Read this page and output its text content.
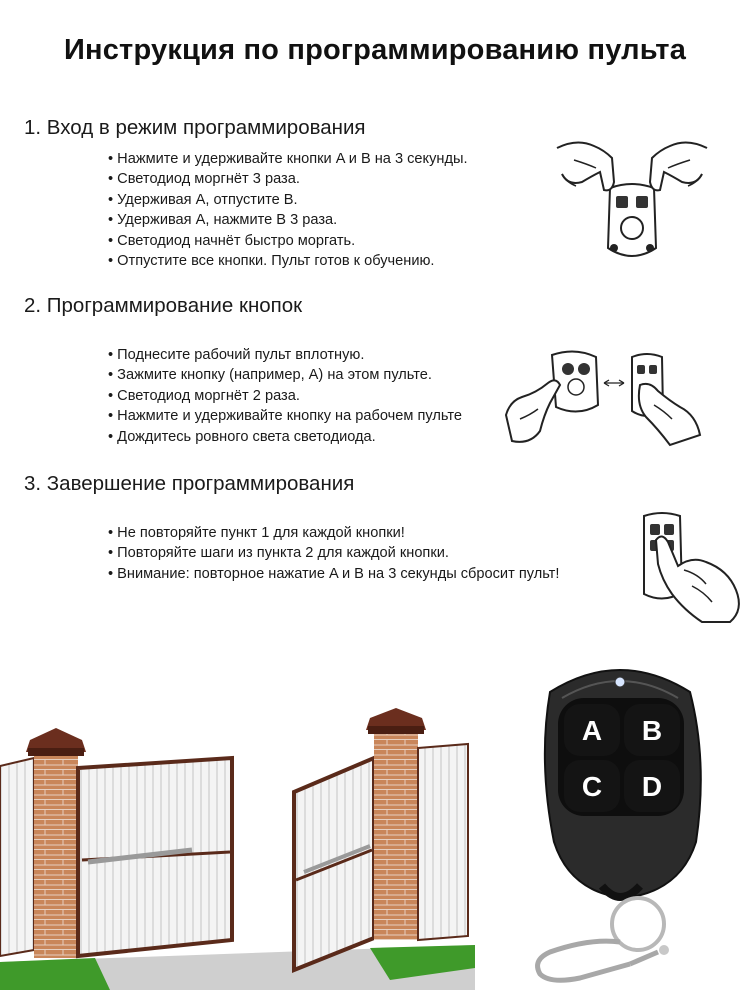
Инструкция по программированию пульта
1. Вход в режим программирования
• Нажмите и удерживайте кнопки A и B на 3 секунды.
• Светодиод моргнёт 3 раза.
• Удерживая A, отпустите B.
• Удерживая A, нажмите B 3 раза.
• Светодиод начнёт быстро моргать.
• Отпустите все кнопки. Пульт готов к обучению.
2. Программирование кнопок
• Поднесите рабочий пульт вплотную.
• Зажмите кнопку (например, A) на этом пульте.
• Светодиод моргнёт 2 раза.
• Нажмите и удерживайте кнопку на рабочем пульте
• Дождитесь ровного света светодиода.
3. Завершение программирования
• Не повторяйте пункт 1 для каждой кнопки!
• Повторяйте шаги из пункта 2 для каждой кнопки.
• Внимание: повторное нажатие A и B на 3 секунды сбросит пульт!
A B
C D
